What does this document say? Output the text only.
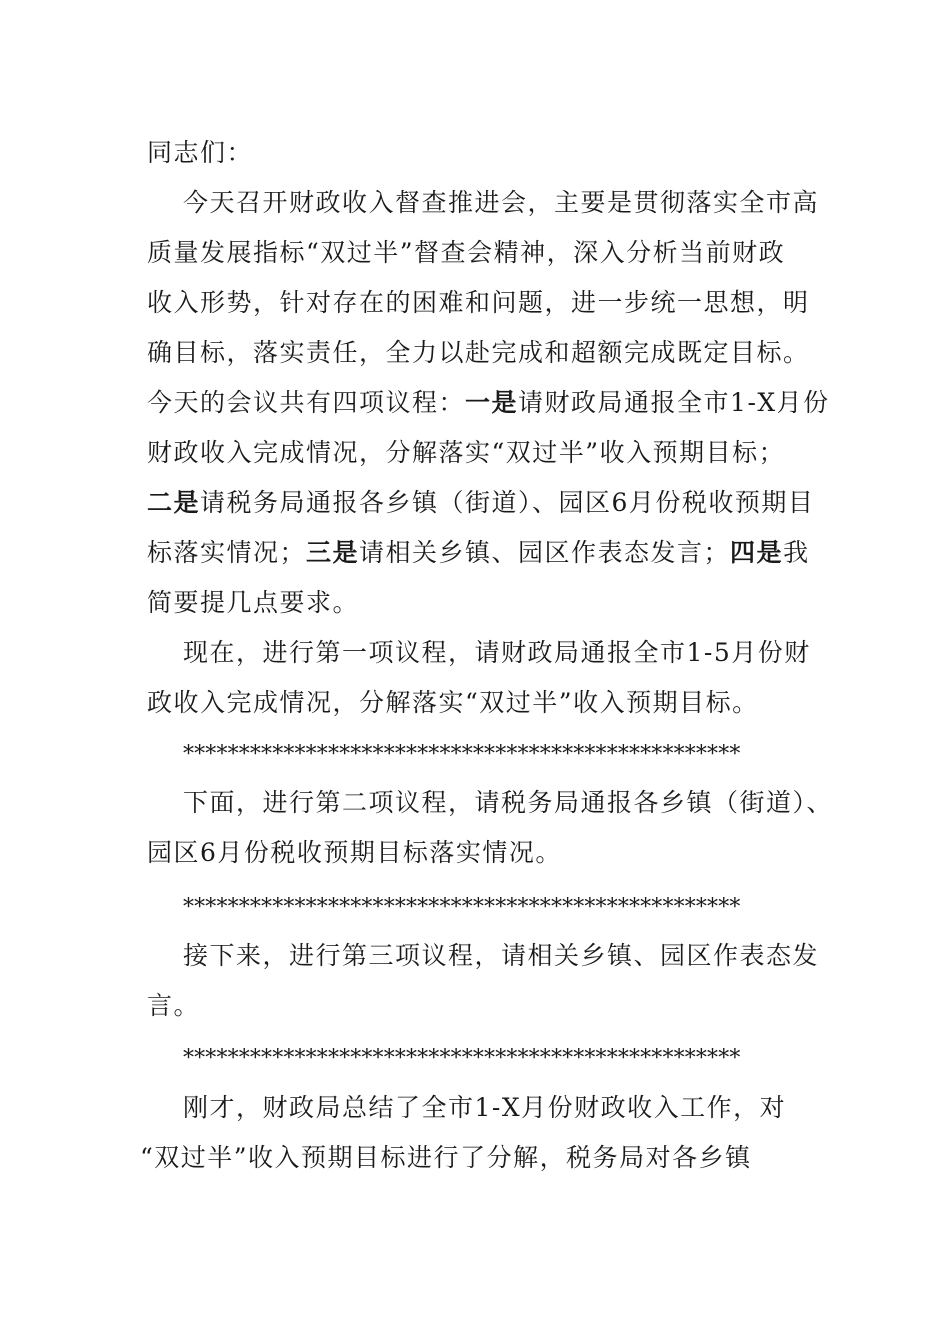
同志们：
今天召开财政收入督查推进会，主要是贯彻落实全市高
质量发展指标“双过半”督查会精神，深入分析当前财政
收入形势，针对存在的困难和问题，进一步统一思想，明
确目标，落实责任，全力以赴完成和超额完成既定目标。
今天的会议共有四项议程：一是请财政局通报全市1-X月份
财政收入完成情况，分解落实“双过半”收入预期目标；
二是请税务局通报各乡镇（街道）、园区6月份税收预期目
标落实情况；三是请相关乡镇、园区作表态发言；四是我
简要提几点要求。
现在，进行第一项议程，请财政局通报全市1-5月份财
政收入完成情况，分解落实“双过半”收入预期目标。
**************************************************
下面，进行第二项议程，请税务局通报各乡镇（街道）、
园区6月份税收预期目标落实情况。
**************************************************
接下来，进行第三项议程，请相关乡镇、园区作表态发
言。
**************************************************
刚才，财政局总结了全市1-X月份财政收入工作，对
“双过半”收入预期目标进行了分解，税务局对各乡镇
